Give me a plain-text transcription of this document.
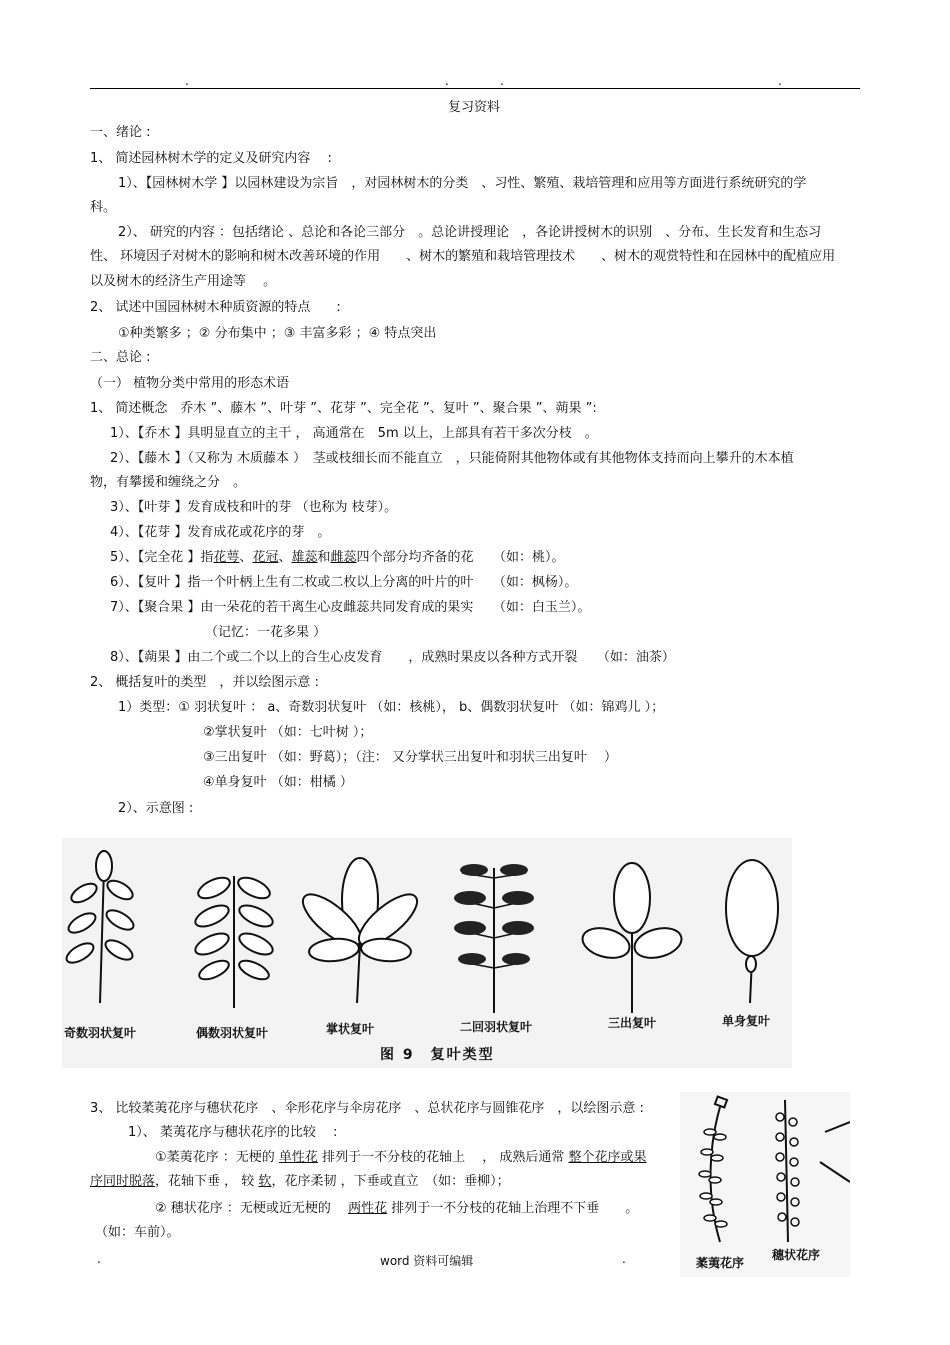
.	.	.	.
复习资料
一、绪论 :
1、 简述园林树木学的定义及研究内容　 :
1）、【园林树木学 】以园林建设为宗旨　，对园林树木的分类　、习性、繁殖、栽培管理和应用等方面进行系统研究的学
科。
2）、 研究的内容 ：包括绪论 、总论和各论三部分　。总论讲授理论　，各论讲授树木的识别　、分布、生长发育和生态习
性、 环境因子对树木的影响和树木改善环境的作用　　、树木的繁殖和栽培管理技术　　、树木的观赏特性和在园林中的配植应用
以及树木的经济生产用途等　 。
2、 试述中国园林树木种质资源的特点　　:
①种类繁多 ；② 分布集中 ；③ 丰富多彩 ；④ 特点突出
二、总论 :
（一） 植物分类中常用的形态术语
1、 简述概念　乔木 ”、藤木 ”、叶芽 ”、花芽 ”、完全花 ”、复叶 ”、聚合果 ”、蒴果 ”:
1）、【乔木 】具明显直立的主干 ， 高通常在　5m 以上，上部具有若干多次分枝　。
2）、【藤木 】（又称为 木质藤本 ）　茎或枝细长而不能直立　，只能倚附其他物体或有其他物体支持而向上攀升的木本植
物，有攀援和缠绕之分　。
3）、【叶芽 】发育成枝和叶的芽 （也称为 枝芽）。
4）、【花芽 】发育成花或花序的芽　。
5）、【完全花 】指花萼、花冠、雄蕊和雌蕊四个部分均齐备的花　　（如：桃）。
6）、【复叶 】指一个叶柄上生有二枚或二枚以上分离的叶片的叶　　（如：枫杨）。
7）、【聚合果 】由一朵花的若干离生心皮雌蕊共同发育成的果实　　（如：白玉兰）。
（记忆：一花多果 ）
8）、【蒴果 】由二个或二个以上的合生心皮发育　　，成熟时果皮以各种方式开裂　　（如：油茶）
2、 概括复叶的类型　，并以绘图示意 :
1）类型：① 羽状复叶 ： a、奇数羽状复叶 （如：核桃）， b、偶数羽状复叶 （如：锦鸡儿 ）；
②掌状复叶 （如：七叶树 ）；
③三出复叶 （如：野葛）；（注： 又分掌状三出复叶和羽状三出复叶　 ）
④单身复叶 （如：柑橘 ）
2）、示意图 :
奇数羽状复叶	偶数羽状复叶	掌状复叶	二回羽状复叶	三出复叶	单身复叶
图 9　复叶类型
3、 比较葇荑花序与穗状花序　、伞形花序与伞房花序　、总状花序与圆锥花序　，以绘图示意 :
1）、 葇荑花序与穗状花序的比较　 :
①葇荑花序 ：无梗的 单性花 排列于一不分枝的花轴上　 ， 成熟后通常 整个花序或果
序同时脱落，花轴下垂 ， 较 软，花序柔韧 ，下垂或直立　（如：垂柳）；
② 穗状花序 ：无梗或近无梗的　 两性花 排列于一不分枝的花轴上治理不下垂　　。
（如：车前）。
葇荑花序
穗状花序
.	word 资料可编辑	.
